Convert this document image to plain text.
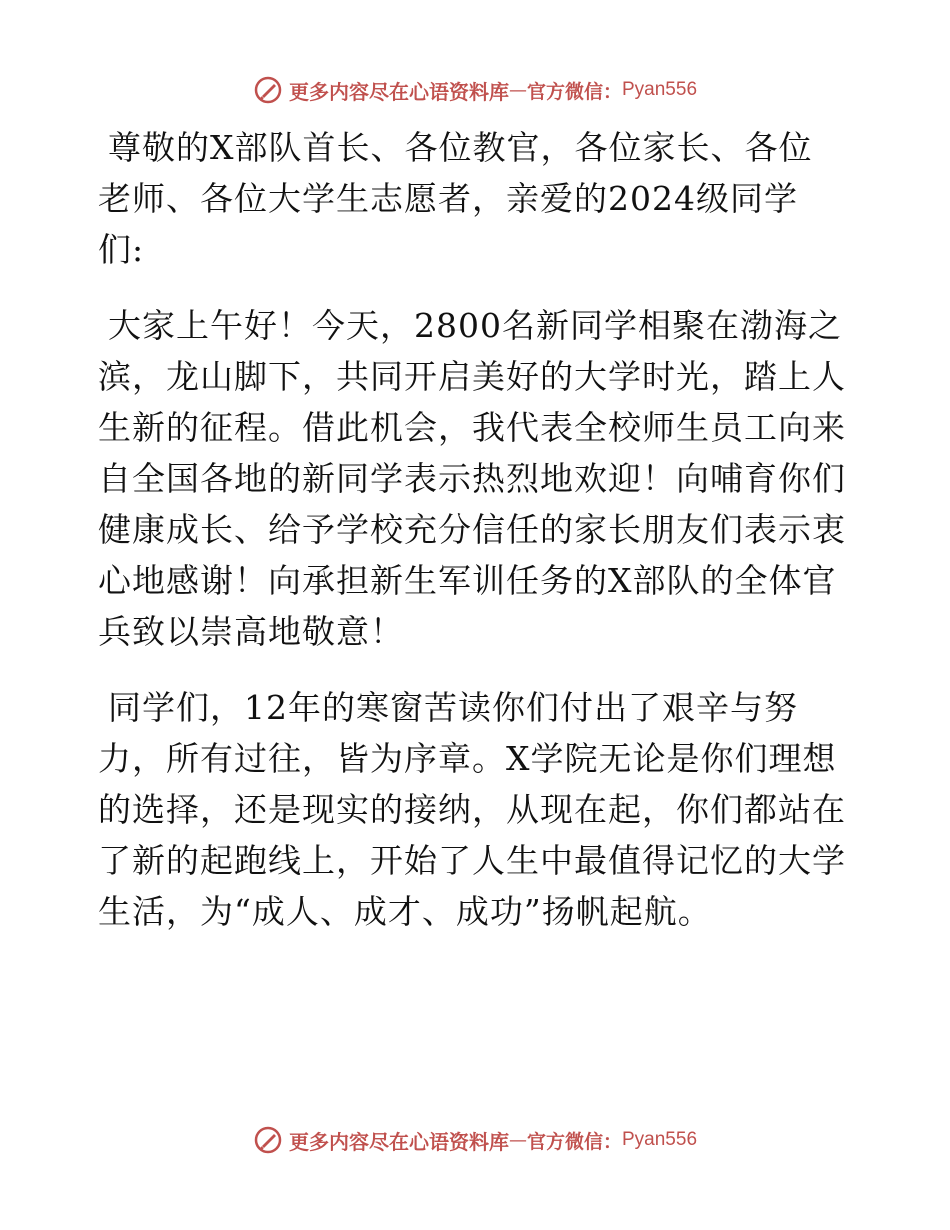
更多内容尽在心语资料库 — 官方微信： Pyan556
尊敬的X部队首长、各位教官，各位家长、各位
老师、各位大学生志愿者，亲爱的2024级同学
们:
大家上午好！今天，2800名新同学相聚在渤海之
滨，龙山脚下，共同开启美好的大学时光，踏上人
生新的征程。借此机会，我代表全校师生员工向来
自全国各地的新同学表示热烈地欢迎！向哺育你们
健康成长、给予学校充分信任的家长朋友们表示衷
心地感谢！向承担新生军训任务的X部队的全体官
兵致以崇高地敬意！
同学们，12年的寒窗苦读你们付出了艰辛与努
力，所有过往，皆为序章。X学院无论是你们理想
的选择，还是现实的接纳，从现在起，你们都站在
了新的起跑线上，开始了人生中最值得记忆的大学
生活，为“成人、成才、成功”扬帆起航。
更多内容尽在心语资料库 — 官方微信： Pyan556
